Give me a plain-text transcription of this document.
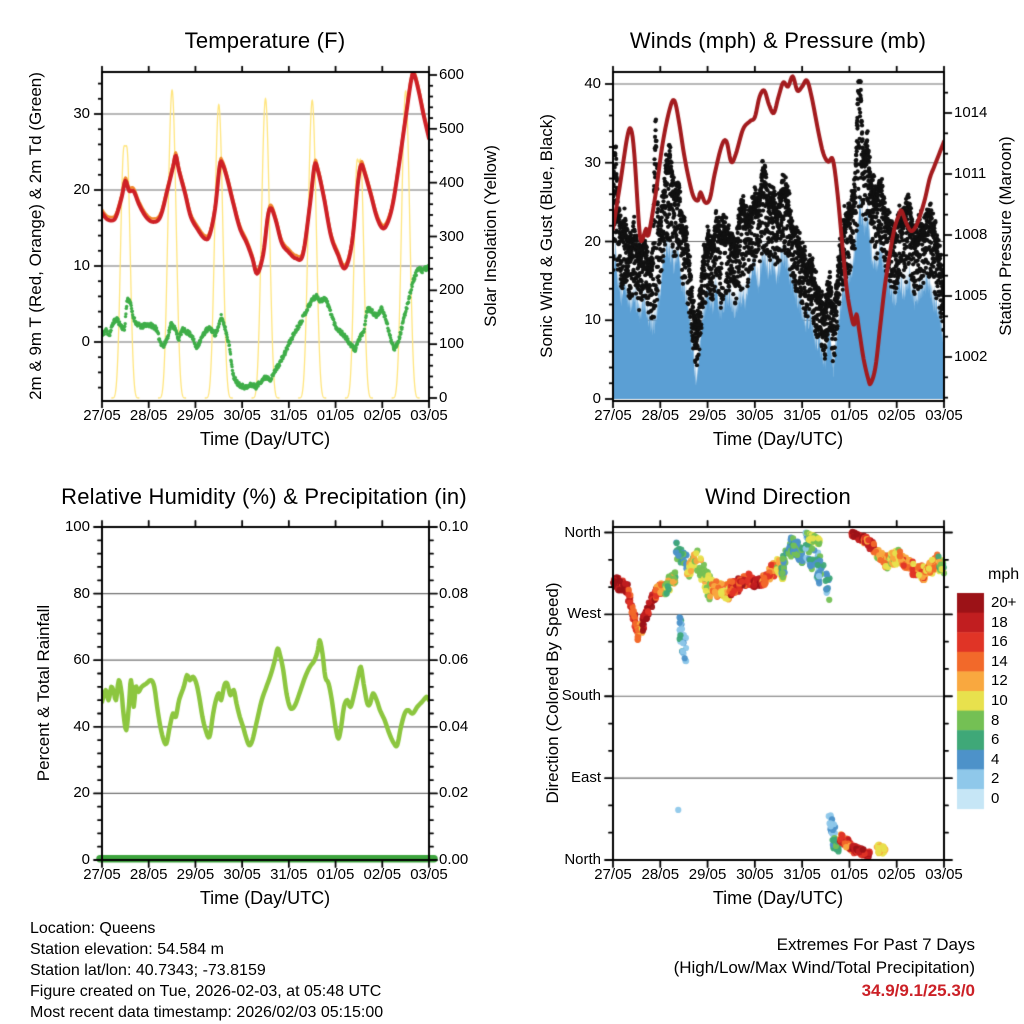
Temperature (F)	Winds (mph) & Pressure (mb)
Relative Humidity (%) & Precipitation (in)	Wind Direction
2m & 9m T (Red, Orange) & 2m Td (Green)	Solar Insolation (Yellow) Sonic Wind & Gust (Blue, Black)	Station Pressure (Maroon)
Percent & Total Rainfall	Direction (Colored By Speed)
Time (Day/UTC)	Time (Day/UTC)
Time (Day/UTC)	Time (Day/UTC)
mph
0
10
20
30
0
100
200
300
400
500
600
0
10
20
30
40
1002
1005
1008
1011
1014
0
20
40
60
80
100
0.00
0.02
0.04
0.06
0.08
0.10	North
West
South
East
North
27/05 28/05 29/05 30/05 31/05 01/05 02/05 03/05	27/05 28/05 29/05 30/05 31/05 01/05 02/05 03/05
27/05 28/05 29/05 30/05 31/05 01/05 02/05 03/05	27/05 28/05 29/05 30/05 31/05 01/05 02/05 03/05
20+
18
16
14
12
10
8
6
4
2
0
Location: Queens
Station elevation: 54.584 m
Station lat/lon: 40.7343; -73.8159
Figure created on Tue, 2026-02-03, at 05:48 UTC
Most recent data timestamp: 2026/02/03 05:15:00
Extremes For Past 7 Days
(High/Low/Max Wind/Total Precipitation)
34.9/9.1/25.3/0
